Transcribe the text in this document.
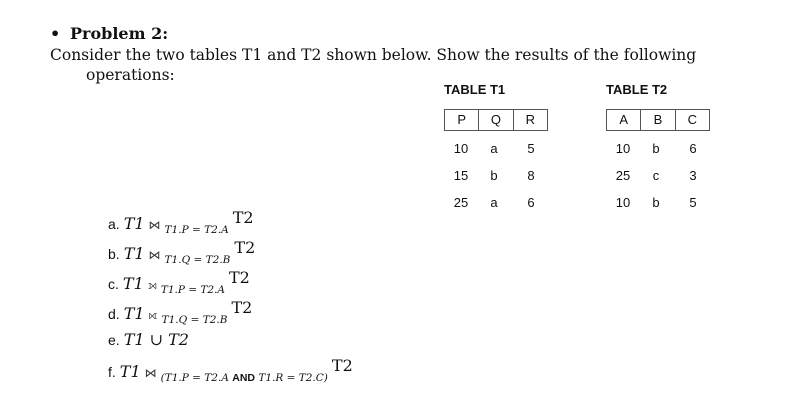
• Problem 2:
Consider the two tables T1 and T2 shown below. Show the results of the following
operations:
TABLE T1
P	Q	R
10	a	5
15	b	8
25	a	6
TABLE T2
A	B	C
10	b	6
25	c	3
10	b	5
a. T1 ⋈ $_{T1.P = T2.A}$ T2
b. T1 ⋈ $_{T1.Q = T2.B}$ T2
c. T1 ⟕ $_{T1.P = T2.A}$ T2
d. T1 ⟖ $_{T1.Q = T2.B}$ T2
e. T1 ∪ T2
f. T1 ⋈ $_{(T1.P = T2.A AND T1.R = T2.C)}$ T2
